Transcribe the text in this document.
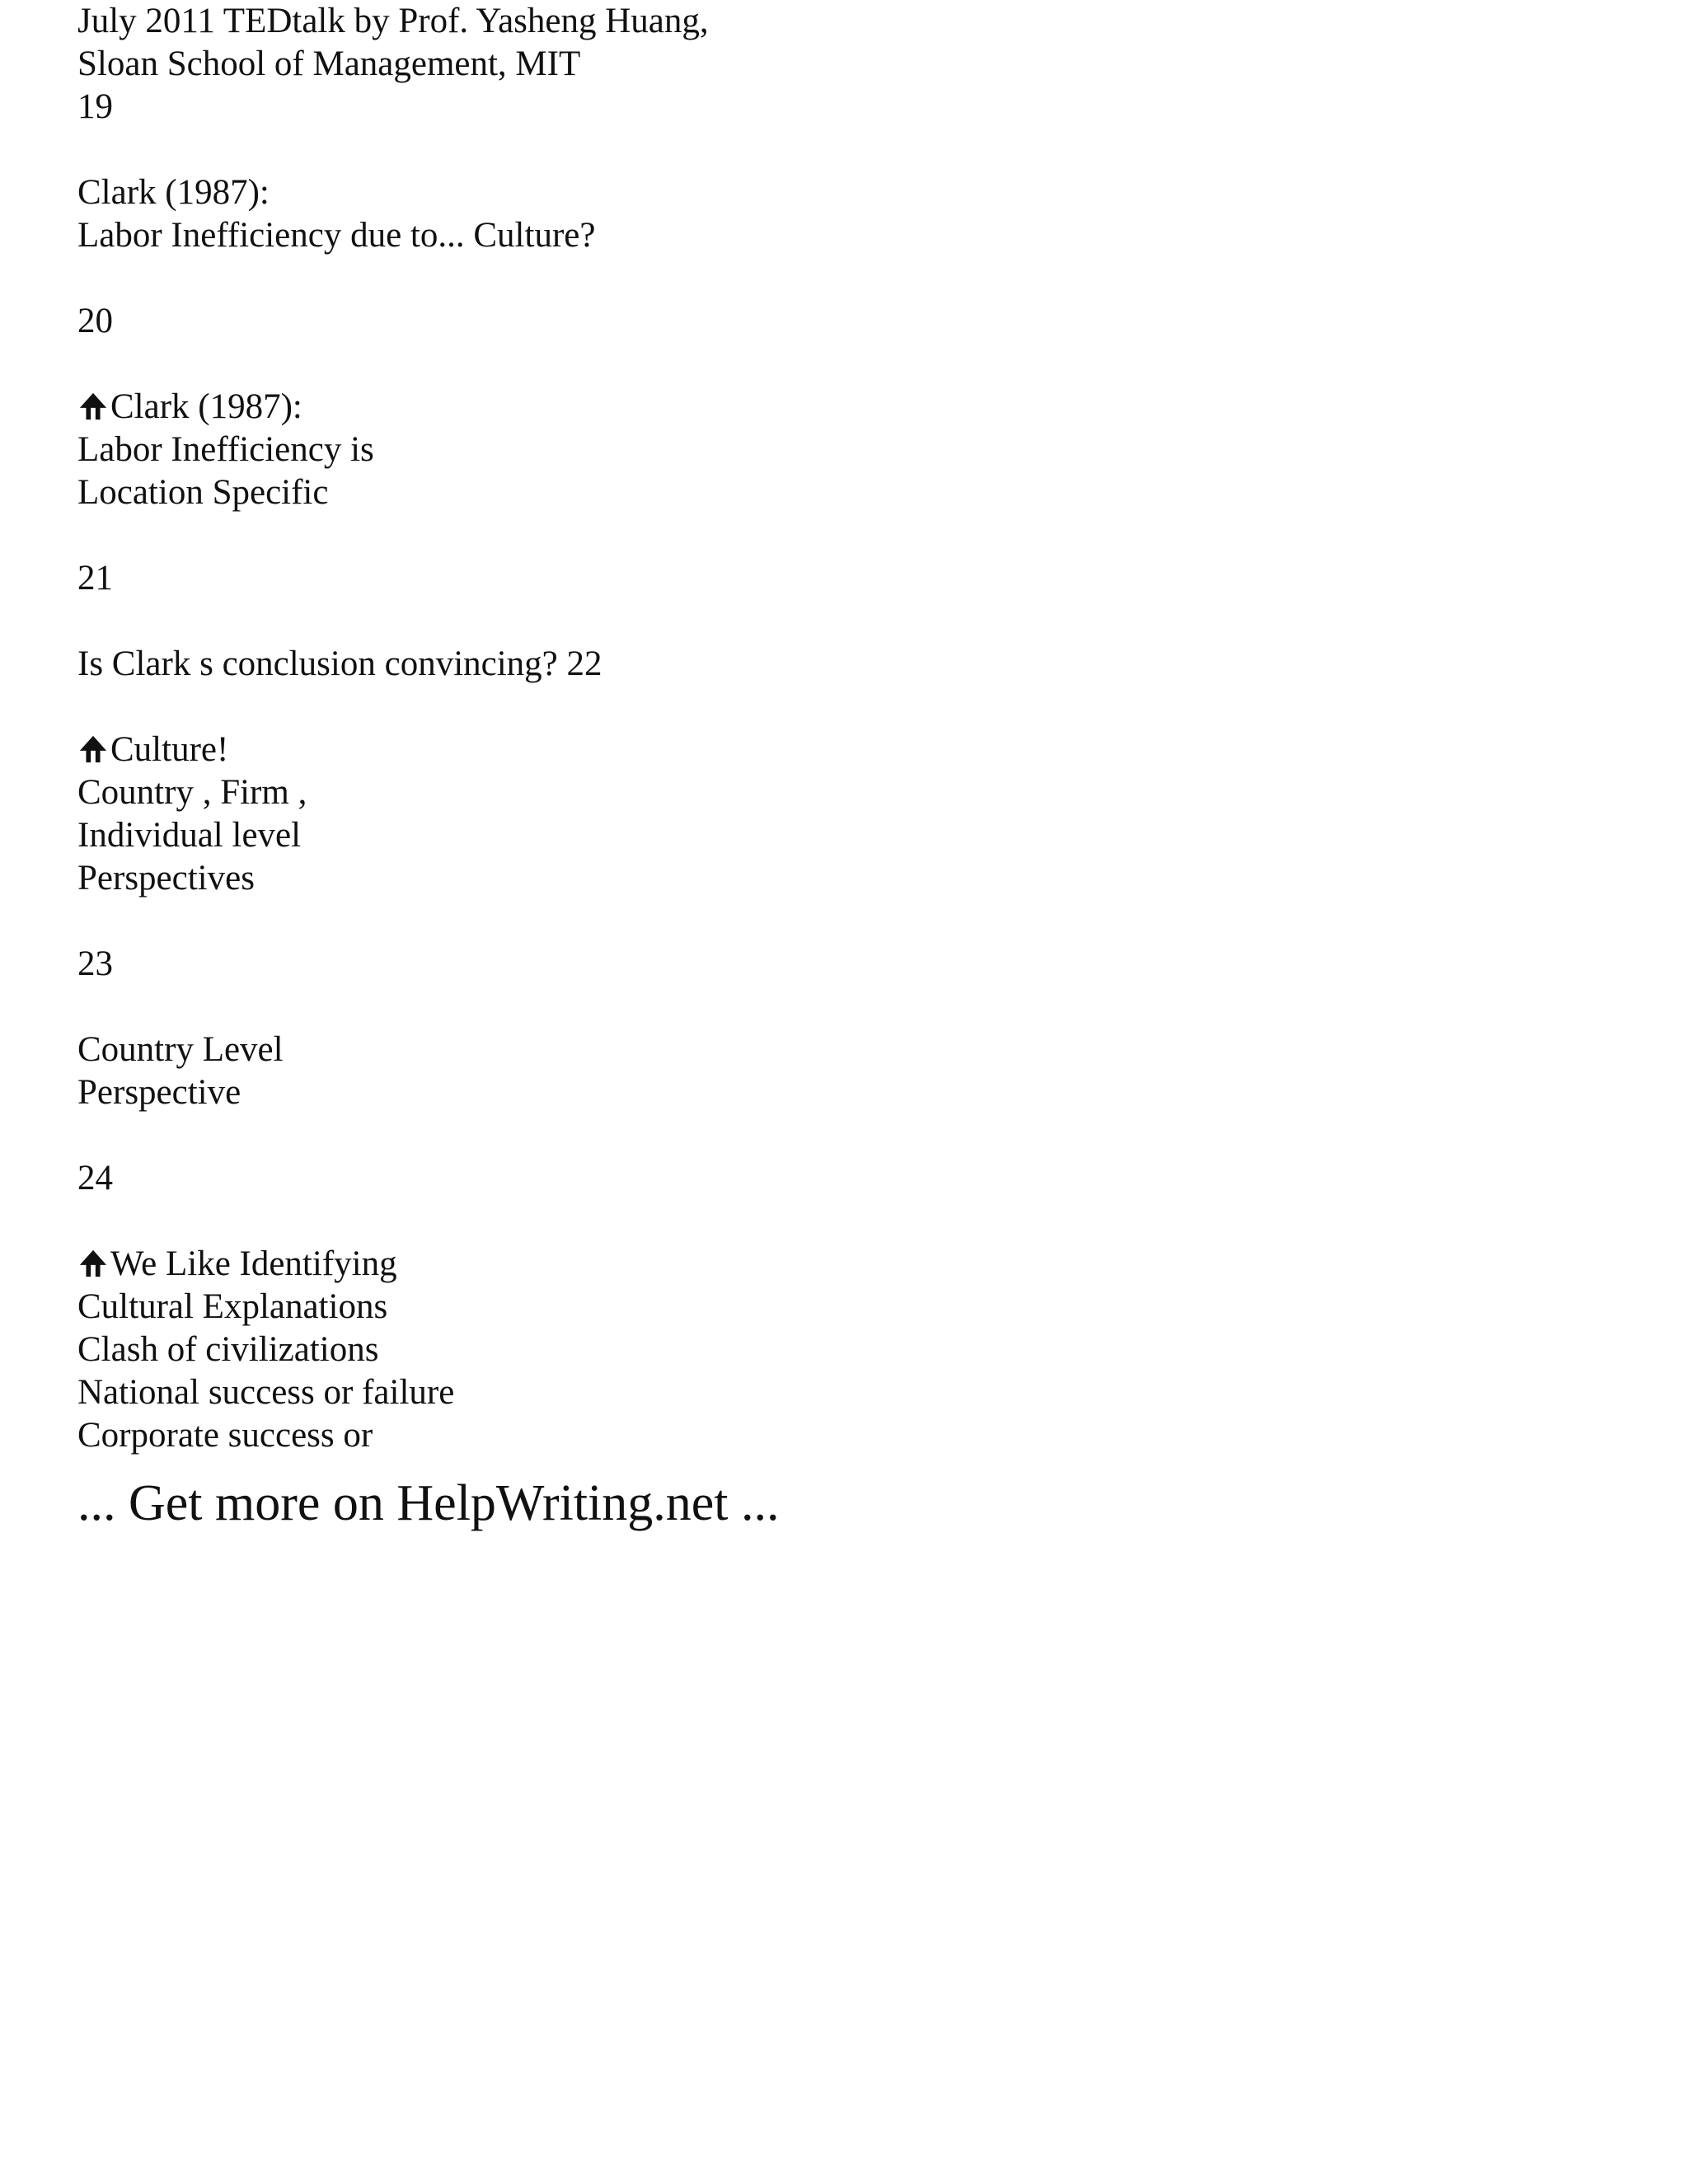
July 2011 TEDtalk by Prof. Yasheng Huang,
Sloan School of Management, MIT
19
Clark (1987):
Labor Inefficiency due to... Culture?
20
Clark (1987):
Labor Inefficiency is
Location Specific
21
Is Clark s conclusion convincing? 22
Culture!
Country , Firm ,
Individual level
Perspectives
23
Country Level
Perspective
24
We Like Identifying
Cultural Explanations
Clash of civilizations
National success or failure
Corporate success or
... Get more on HelpWriting.net ...
